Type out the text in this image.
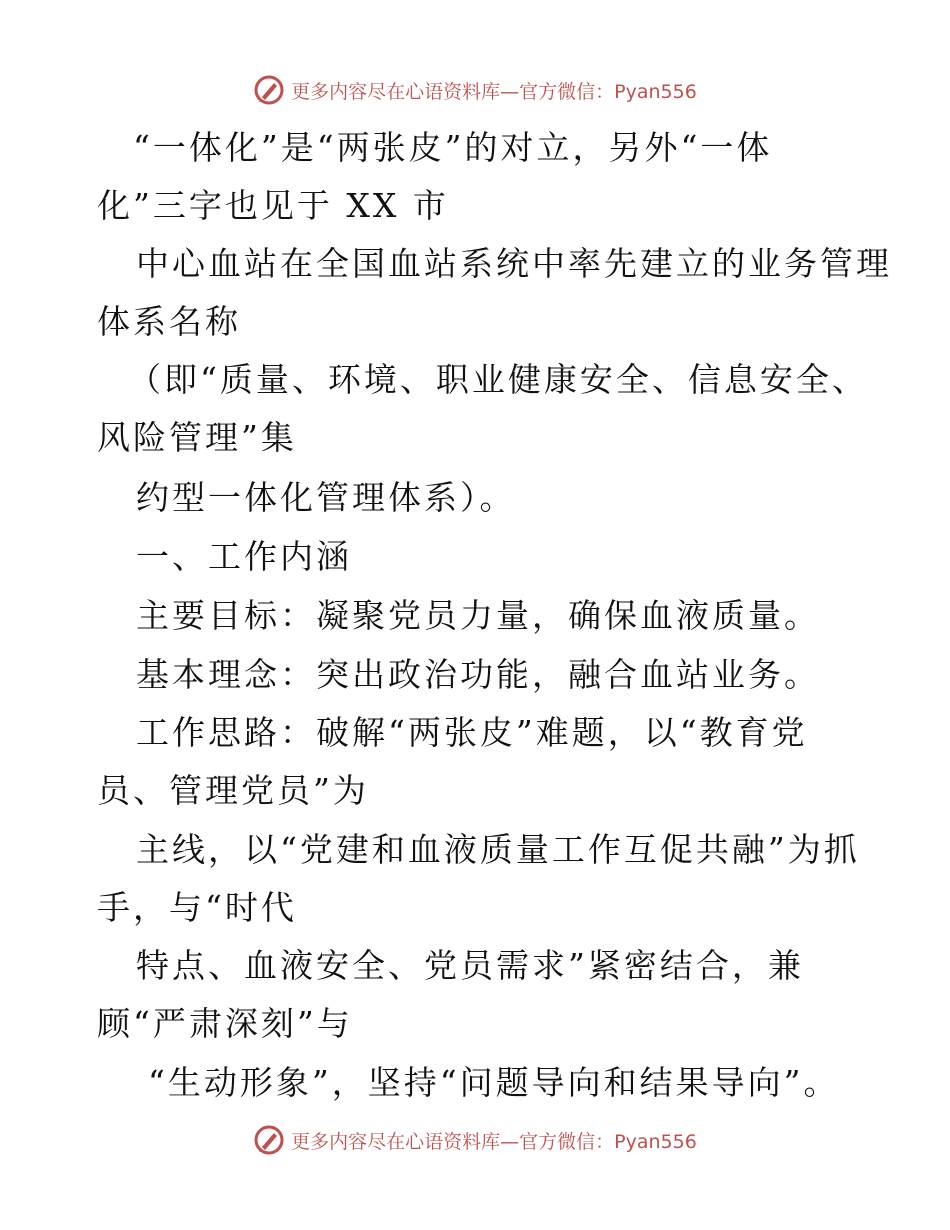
更多内容尽在心语资料库—官方微信：Pyan556
“一体化”是“两张皮”的对立，另外“一体
化”三字也见于 XX 市
中心血站在全国血站系统中率先建立的业务管理
体系名称
（即“质量、环境、职业健康安全、信息安全、
风险管理”集
约型一体化管理体系）。
一、工作内涵
主要目标：凝聚党员力量，确保血液质量。
基本理念：突出政治功能，融合血站业务。
工作思路：破解“两张皮”难题，以“教育党
员、管理党员”为
主线，以“党建和血液质量工作互促共融”为抓
手，与“时代
特点、血液安全、党员需求”紧密结合，兼
顾“严肃深刻”与
“生动形象”，坚持“问题导向和结果导向”。
更多内容尽在心语资料库—官方微信：Pyan556
